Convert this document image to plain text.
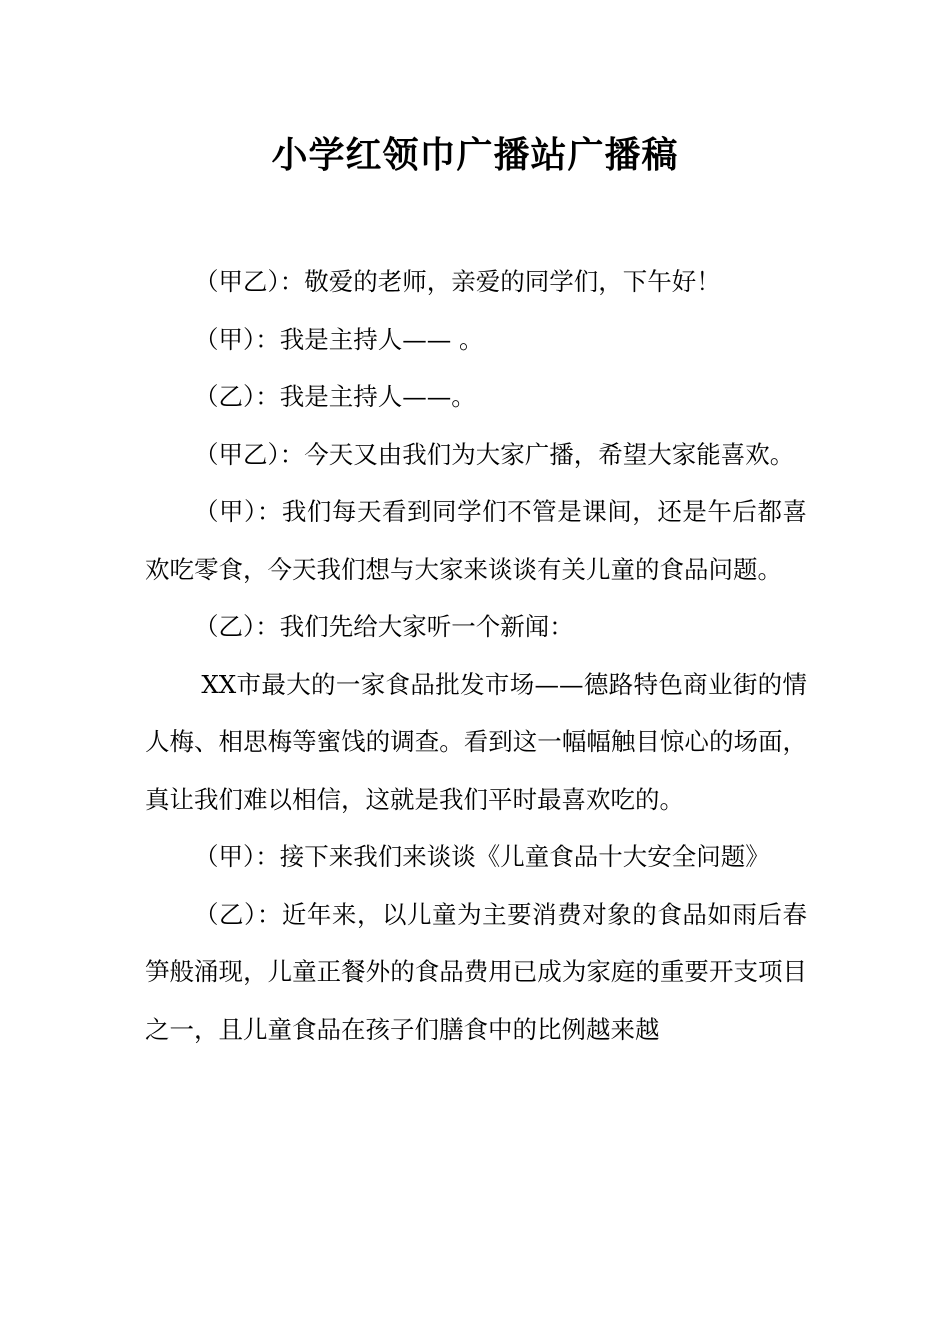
小学红领巾广播站广播稿

（甲乙）：敬爱的老师，亲爱的同学们，下午好！

（甲）：我是主持人—— 。

（乙）：我是主持人——。

（甲乙）：今天又由我们为大家广播，希望大家能喜欢。

（甲）：我们每天看到同学们不管是课间，还是午后都喜欢吃零食，今天我们想与大家来谈谈有关儿童的食品问题。

（乙）：我们先给大家听一个新闻：

XX市最大的一家食品批发市场——德路特色商业街的情人梅、相思梅等蜜饯的调查。看到这一幅幅触目惊心的场面，真让我们难以相信，这就是我们平时最喜欢吃的。

（甲）：接下来我们来谈谈《儿童食品十大安全问题》

（乙）：近年来，以儿童为主要消费对象的食品如雨后春笋般涌现，儿童正餐外的食品费用已成为家庭的重要开支项目之一，且儿童食品在孩子们膳食中的比例越来越
